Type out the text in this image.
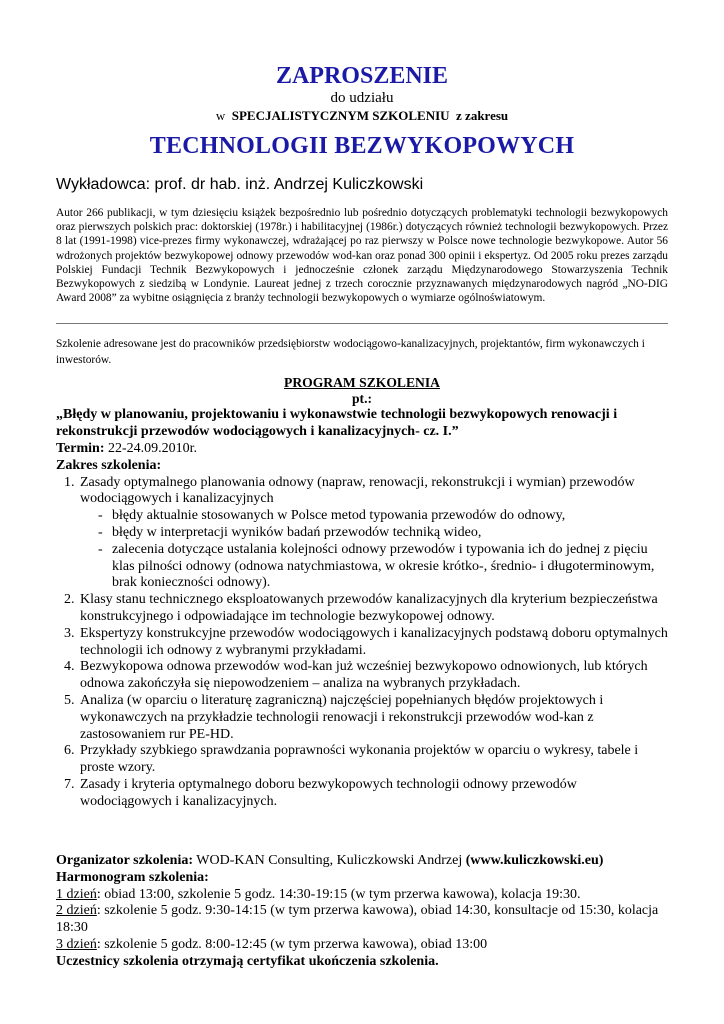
ZAPROSZENIE

do udziału

w SPECJALISTYCZNYM SZKOLENIU z zakresu

TECHNOLOGII BEZWYKOPOWYCH

Wykładowca: prof. dr hab. inż. Andrzej Kuliczkowski

Autor 266 publikacji, w tym dziesięciu książek bezpośrednio lub pośrednio dotyczących problematyki technologii bezwykopowych oraz pierwszych polskich prac: doktorskiej (1978r.) i habilitacyjnej (1986r.) dotyczących również technologii bezwykopowych. Przez 8 lat (1991-1998) vice-prezes firmy wykonawczej, wdrażającej po raz pierwszy w Polsce nowe technologie bezwykopowe. Autor 56 wdrożonych projektów bezwykopowej odnowy przewodów wod-kan oraz ponad 300 opinii i ekspertyz. Od 2005 roku prezes zarządu Polskiej Fundacji Technik Bezwykopowych i jednocześnie członek zarządu Międzynarodowego Stowarzyszenia Technik Bezwykopowych z siedzibą w Londynie. Laureat jednej z trzech corocznie przyznawanych międzynarodowych nagród „NO-DIG Award 2008” za wybitne osiągnięcia z branży technologii bezwykopowych o wymiarze ogólnoświatowym.

Szkolenie adresowane jest do pracowników przedsiębiorstw wodociągowo-kanalizacyjnych, projektantów, firm wykonawczych i inwestorów.

PROGRAM SZKOLENIA

pt.:

„Błędy w planowaniu, projektowaniu i wykonawstwie technologii bezwykopowych renowacji i rekonstrukcji przewodów wodociągowych i kanalizacyjnych- cz. I.”

Termin: 22-24.09.2010r.

Zakres szkolenia:

1. Zasady optymalnego planowania odnowy (napraw, renowacji, rekonstrukcji i wymian) przewodów wodociągowych i kanalizacyjnych
- błędy aktualnie stosowanych w Polsce metod typowania przewodów do odnowy,
- błędy w interpretacji wyników badań przewodów techniką wideo,
- zalecenia dotyczące ustalania kolejności odnowy przewodów i typowania ich do jednej z pięciu klas pilności odnowy (odnowa natychmiastowa, w okresie krótko-, średnio- i długoterminowym, brak konieczności odnowy).
2. Klasy stanu technicznego eksploatowanych przewodów kanalizacyjnych dla kryterium bezpieczeństwa konstrukcyjnego i odpowiadające im technologie bezwykopowej odnowy.
3. Ekspertyzy konstrukcyjne przewodów wodociągowych i kanalizacyjnych podstawą doboru optymalnych technologii ich odnowy z wybranymi przykładami.
4. Bezwykopowa odnowa przewodów wod-kan już wcześniej bezwykopowo odnowionych, lub których odnowa zakończyła się niepowodzeniem – analiza na wybranych przykładach.
5. Analiza (w oparciu o literaturę zagraniczną) najczęściej popełnianych błędów projektowych i wykonawczych na przykładzie technologii renowacji i rekonstrukcji przewodów wod-kan z zastosowaniem rur PE-HD.
6. Przykłady szybkiego sprawdzania poprawności wykonania projektów w oparciu o wykresy, tabele i proste wzory.
7. Zasady i kryteria optymalnego doboru bezwykopowych technologii odnowy przewodów wodociągowych i kanalizacyjnych.

Organizator szkolenia: WOD-KAN Consulting, Kuliczkowski Andrzej (www.kuliczkowski.eu)

Harmonogram szkolenia:

1 dzień: obiad 13:00, szkolenie 5 godz. 14:30-19:15 (w tym przerwa kawowa), kolacja 19:30.

2 dzień: szkolenie 5 godz. 9:30-14:15 (w tym przerwa kawowa), obiad 14:30, konsultacje od 15:30, kolacja 18:30

3 dzień: szkolenie 5 godz. 8:00-12:45 (w tym przerwa kawowa), obiad 13:00

Uczestnicy szkolenia otrzymają certyfikat ukończenia szkolenia.
